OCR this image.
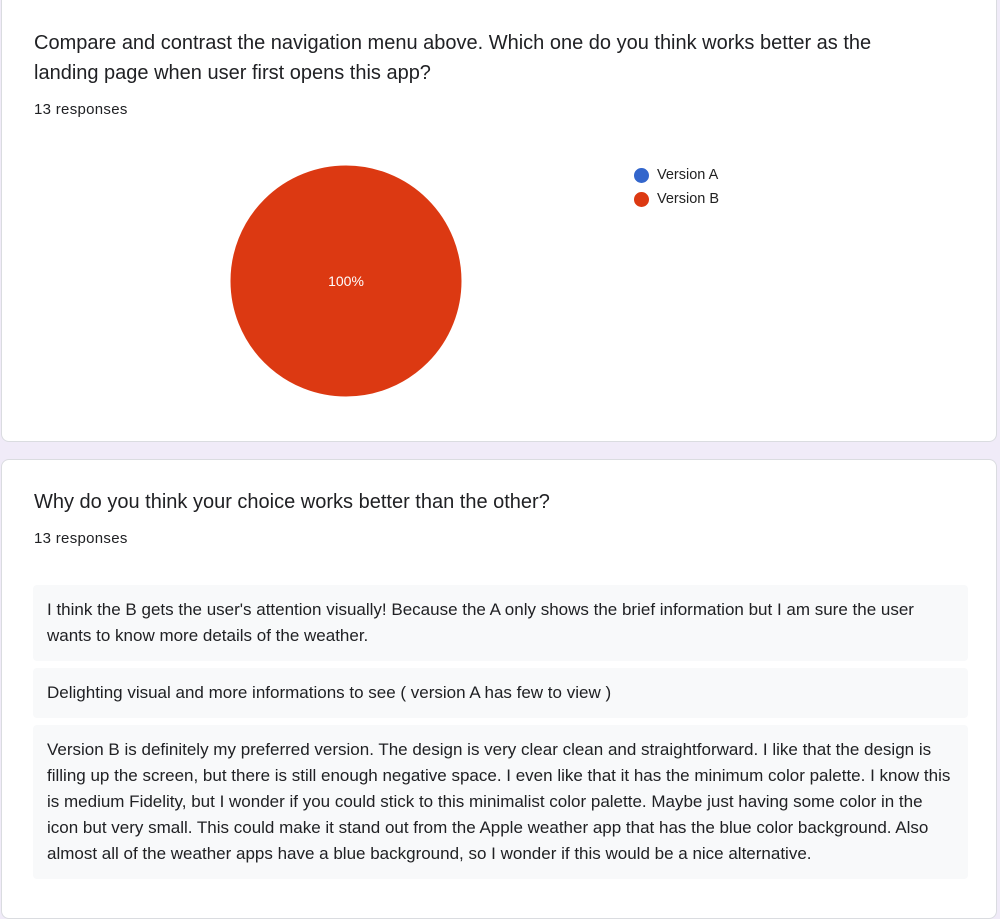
Compare and contrast the navigation menu above. Which one do you think works better as the landing page when user first opens this app?

13 responses

100%
Version A
Version B
Why do you think your choice works better than the other?

13 responses

I think the B gets the user's attention visually! Because the A only shows the brief information but I am sure the user wants to know more details of the weather.
Delighting visual and more informations to see ( version A has few to view )
Version B is definitely my preferred version. The design is very clear clean and straightforward. I like that the design is filling up the screen, but there is still enough negative space. I even like that it has the minimum color palette. I know this is medium Fidelity, but I wonder if you could stick to this minimalist color palette. Maybe just having some color in the icon but very small. This could make it stand out from the Apple weather app that has the blue color background. Also almost all of the weather apps have a blue background, so I wonder if this would be a nice alternative.
